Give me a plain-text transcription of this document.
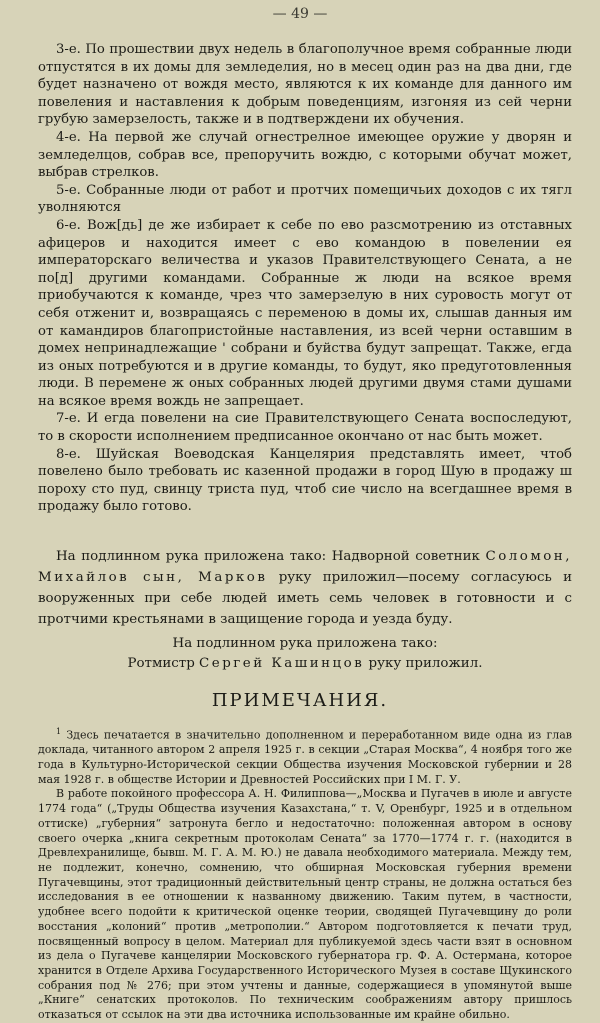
— 49 —

3-е. По прошествии двух недель в благополучное время собранные люди отпустятся в их домы для земледелия, но в месец один раз на два дни, где будет назначено от вождя место, являются к их команде для данного им повеления и наставления к добрым поведенциям, изгоняя из сей черни грубую замерзелость, также и в подтверждени их обучения.

4-е. На первой же случай огнестрелное имеющее оружие у дворян и земледелцов, собрав все, препоручить вождю, с которыми обучат может, выбрав стрелков.

5-е. Собранные люди от работ и протчих помещичьих доходов с их тягл уволняются

6-е. Вож[дь] де же избирает к себе по ево разсмотрению из отставных афицеров и находится имеет с ево командою в повелении ея императорскаго величества и указов Правителствующего Сената, а не по[д] другими командами. Собранные ж люди на всякое время приобучаются к команде, чрез что замерзелую в них суровость могут от себя отженит и, возвращаясь с переменою в домы их, слышав данныя им от камандиров благопристойные наставления, из всей черни оставшим в домех непринадлежащие ' собрани и буйства будут запрещат. Также, егда из оных потребуются и в другие команды, то будут, яко предуготовленныя люди. В перемене ж оных собранных людей другими двумя стами душами на всякое время вождь не запрещает.

7-е. И егда повелени на сие Правителствующего Сената воспоследуют, то в скорости исполнением предписанное окончано от нас быть может.

8-е. Шуйская Воеводская Канцелярия представлять имеет, чтоб повелено было требовать ис казенной продажи в город Шую в продажу ш пороху сто пуд, свинцу триста пуд, чтоб сие число на всегдашнее время в продажу было готово.

На подлинном рука приложена тако: Надворной советник Соломон, Михайлов сын, Марков руку приложил—посему согласуюсь и вооруженных при себе людей иметь семь человек в готовности и с протчими крестьянами в защищение города и уезда буду.

На подлинном рука приложена тако:
Ротмистр Сергей Кашинцов руку приложил.
ПРИМЕЧАНИЯ.

$^1$ Здесь печатается в значительно дополненном и переработанном виде одна из глав доклада, читанного автором 2 апреля 1925 г. в секции „Старая Москва“, 4 ноября того же года в Культурно-Исторической секции Общества изучения Московской губернии и 28 мая 1928 г. в обществе Истории и Древностей Российских при I М. Г. У.

В работе покойного профессора А. Н. Филиппова—„Москва и Пугачев в июле и августе 1774 года“ („Труды Общества изучения Казахстана,“ т. V, Оренбург, 1925 и в отдельном оттиске) „губерния“ затронута бегло и недостаточно: положенная автором в основу своего очерка „книга секретным протоколам Сената“ за 1770—1774 г. г. (находится в Древлехранилище, бывш. М. Г. А. М. Ю.) не давала необходимого материала. Между тем, не подлежит, конечно, сомнению, что обширная Московская губерния времени Пугачевщины, этот традиционный действительный центр страны, не должна остаться без исследования в ее отношении к названному движению. Таким путем, в частности, удобнее всего подойти к критической оценке теории, сводящей Пугачевщину до роли восстания „колоний“ против „метрополии.“ Автором подготовляется к печати труд, посвященный вопросу в целом. Материал для публикуемой здесь части взят в основном из дела о Пугачеве канцелярии Московского губернатора гр. Ф. А. Остермана, которое хранится в Отделе Архива Государственного Исторического Музея в составе Щукинского собрания под № 276; при этом учтены и данные, содержащиеся в упомянутой выше „Книге“ сенатских протоколов. По техническим соображениям автору пришлось отказаться от ссылок на эти два источника использованные им крайне обильно.
